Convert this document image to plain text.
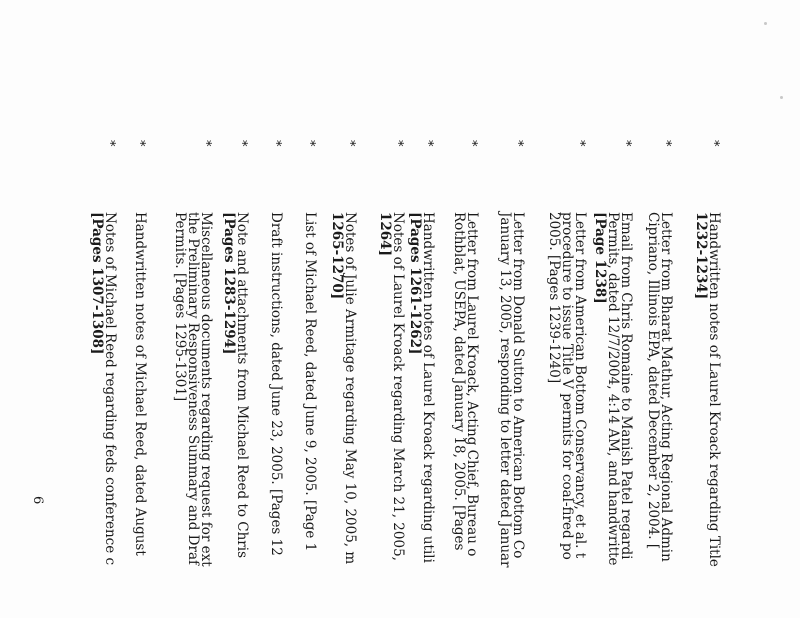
*
Handwritten notes of Laurel Kroack regarding Title
1232-1234]
*
Letter from Bharat Mathur, Acting Regional Admin
Cipriano, Illinois EPA, dated December 2, 2004. [
*
Email from Chris Romaine to Manish Patel regardi
Permits, dated 12/7/2004, 4:14 AM, and handwritte
[Page 1238]
*
Letter from American Bottom Conservancy, et al. t
procedure to issue Title V permits for coal-fired po
2005. [Pages 1239-1240]
*
Letter from Donald Sutton to American Bottom Co
January 13, 2005, responding to letter dated Januar
*
Letter from Laurel Kroack, Acting Chief, Bureau o
Rothblat, USEPA, dated January 18, 2005. [Pages
*
Handwritten notes of Laurel Kroack regarding utili
[Pages 1261-1262]
*
Notes of Laurel Kroack regarding March 21, 2005,
1264]
*
Notes of Julie Armitage regarding May 10, 2005, m
1265-1270]
*
List of Michael Reed, dated June 9, 2005. [Page 1
*
Draft instructions, dated June 23, 2005. [Pages 12
*
Note and attachments from Michael Reed to Chris
[Pages 1283-1294]
*
Miscellaneous documents regarding request for ext
the Preliminary Responsiveness Summary and Draf
Permits. [Pages 1295-1301]
*
Handwritten notes of Michael Reed, dated August
*
Notes of Michael Reed regarding feds conference c
[Pages 1307-1308]
6
